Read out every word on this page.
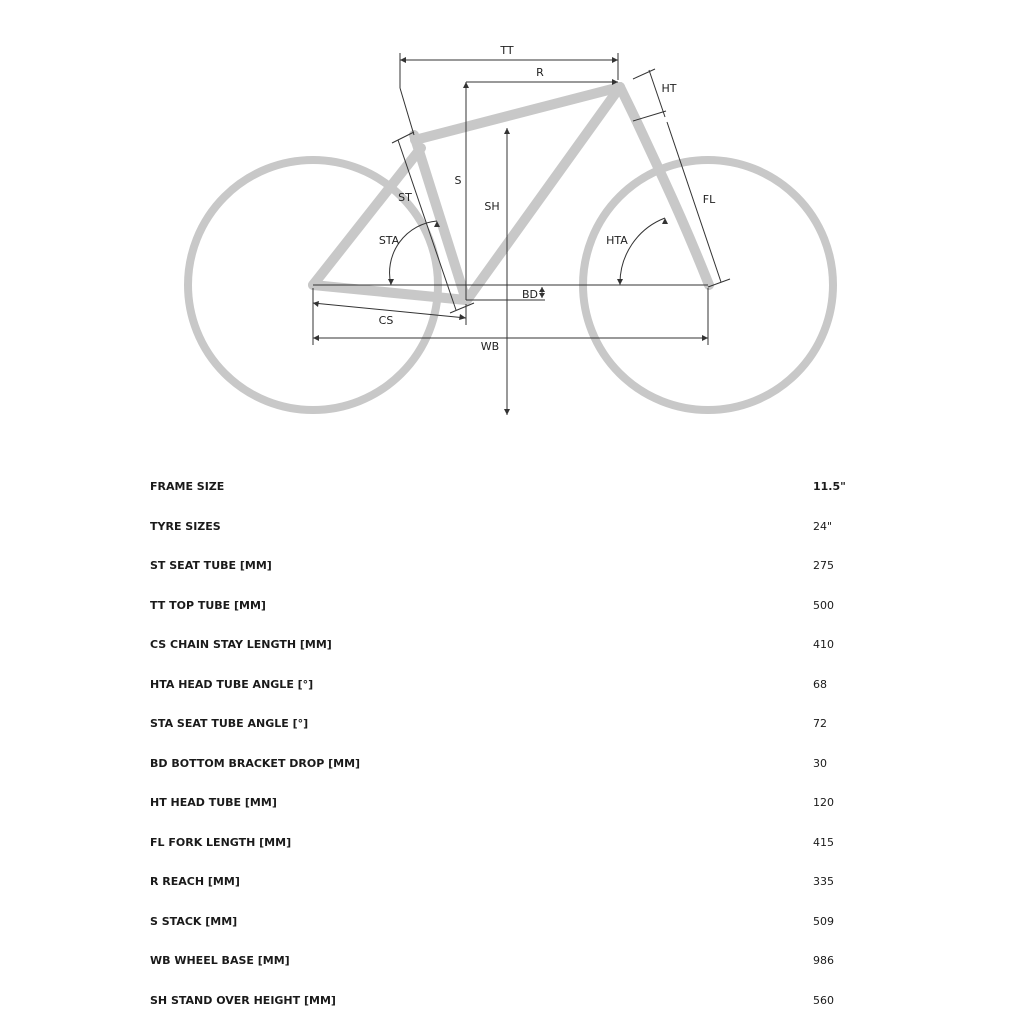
TT
R
HT
S
ST
SH
FL
STA	HTA
BD
CS
WB
FRAME SIZE	11.5"
TYRE SIZES	24"
ST SEAT TUBE [MM]	275
TT TOP TUBE [MM]	500
CS CHAIN STAY LENGTH [MM]	410
HTA HEAD TUBE ANGLE [°]	68
STA SEAT TUBE ANGLE [°]	72
BD BOTTOM BRACKET DROP [MM]	30
HT HEAD TUBE [MM]	120
FL FORK LENGTH [MM]	415
R REACH [MM]	335
S STACK [MM]	509
WB WHEEL BASE [MM]	986
SH STAND OVER HEIGHT [MM]	560
